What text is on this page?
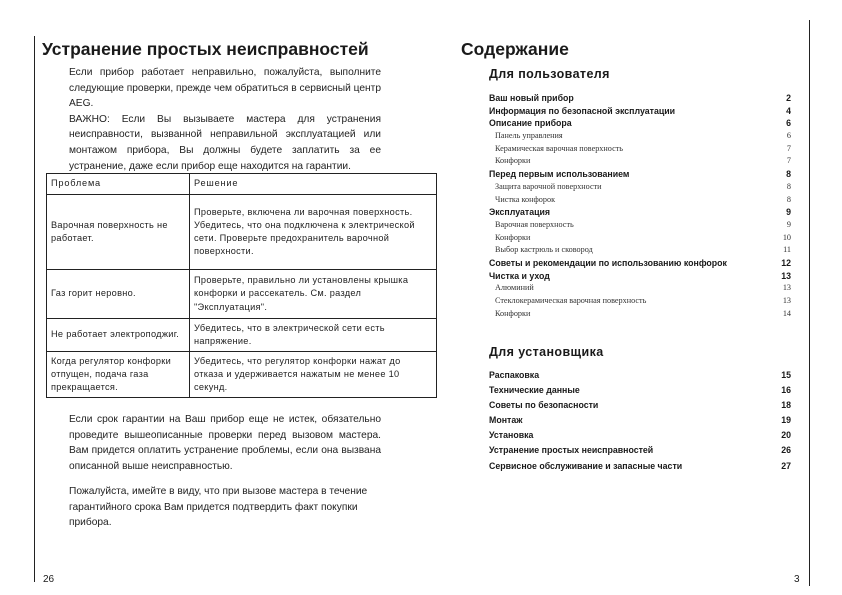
Устранение простых неисправностей

Если прибор работает неправильно, пожалуйста, выполните следующие проверки, прежде чем обратиться в сервисный центр AEG.

ВАЖНО: Если Вы вызываете мастера для устранения неисправности, вызванной неправильной эксплуатацией или монтажом прибора, Вы должны будете заплатить за ее устранение, даже если прибор еще находится на гарантии.

Проблема	Решение
Варочная поверхность не работает.	Проверьте, включена ли варочная поверхность. Убедитесь, что она подключена к электрической сети. Проверьте предохранитель варочной поверхности.
Газ горит неровно.	Проверьте, правильно ли установлены крышка конфорки и рассекатель. См. раздел "Эксплуатация".
Не работает электроподжиг.	Убедитесь, что в электрической сети есть напряжение.
Когда регулятор конфорки отпущен, подача газа прекращается.	Убедитесь, что регулятор конфорки нажат до отказа и удерживается нажатым не менее 10 секунд.
Если срок гарантии на Ваш прибор еще не истек, обязательно проведите вышеописанные проверки перед вызовом мастера. Вам придется оплатить устранение проблемы, если она вызвана описанной выше неисправностью.
Пожалуйста, имейте в виду, что при вызове мастера в течение гарантийного срока Вам придется подтвердить факт покупки прибора.
26
Содержание
Для пользователя
Ваш новый прибор	2
Информация по безопасной эксплуатации	4
Описание прибора	6
Панель управления	6
Керамическая варочная поверхность	7
Конфорки	7
Перед первым использованием	8
Защита варочной поверхности	8
Чистка конфорок	8
Эксплуатация	9
Варочная поверхность	9
Конфорки	10
Выбор кастрюль и сковород	11
Советы и рекомендации по использованию конфорок	12
Чистка и уход	13
Алюминий	13
Стеклокерамическая варочная поверхность	13
Конфорки	14
Для установщика
Распаковка	15
Технические данные	16
Советы по безопасности	18
Монтаж	19
Установка	20
Устранение простых неисправностей	26
Сервисное обслуживание и запасные части	27
3
